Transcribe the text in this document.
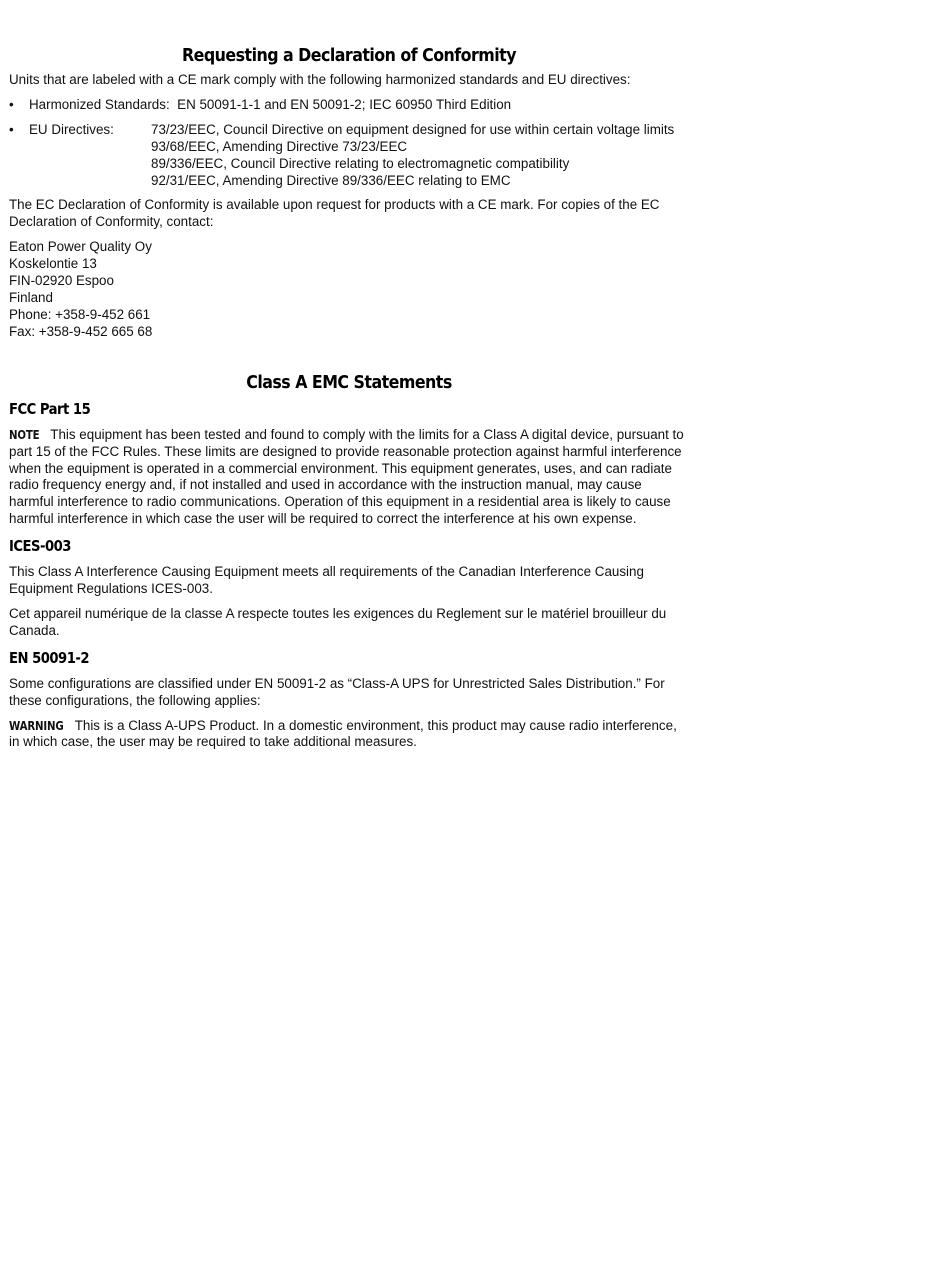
Requesting a Declaration of Conformity

Units that are labeled with a CE mark comply with the following harmonized standards and EU directives:

• Harmonized Standards: EN 50091-1-1 and EN 50091-2; IEC 60950 Third Edition
• EU Directives:	73/23/EEC, Council Directive on equipment designed for use within certain voltage limits
93/68/EEC, Amending Directive 73/23/EEC
89/336/EEC, Council Directive relating to electromagnetic compatibility
92/31/EEC, Amending Directive 89/336/EEC relating to EMC

The EC Declaration of Conformity is available upon request for products with a CE mark. For copies of the EC Declaration of Conformity, contact:

Eaton Power Quality Oy
Koskelontie 13
FIN-02920 Espoo
Finland
Phone: +358-9-452 661
Fax: +358-9-452 665 68
Class A EMC Statements
FCC Part 15

NOTE This equipment has been tested and found to comply with the limits for a Class A digital device, pursuant to part 15 of the FCC Rules. These limits are designed to provide reasonable protection against harmful interference when the equipment is operated in a commercial environment. This equipment generates, uses, and can radiate radio frequency energy and, if not installed and used in accordance with the instruction manual, may cause harmful interference to radio communications. Operation of this equipment in a residential area is likely to cause harmful interference in which case the user will be required to correct the interference at his own expense.

ICES-003

This Class A Interference Causing Equipment meets all requirements of the Canadian Interference Causing Equipment Regulations ICES-003.

Cet appareil numérique de la classe A respecte toutes les exigences du Reglement sur le matériel brouilleur du Canada.

EN 50091-2

Some configurations are classified under EN 50091-2 as “Class-A UPS for Unrestricted Sales Distribution.” For these configurations, the following applies:

WARNING This is a Class A-UPS Product. In a domestic environment, this product may cause radio interference, in which case, the user may be required to take additional measures.
